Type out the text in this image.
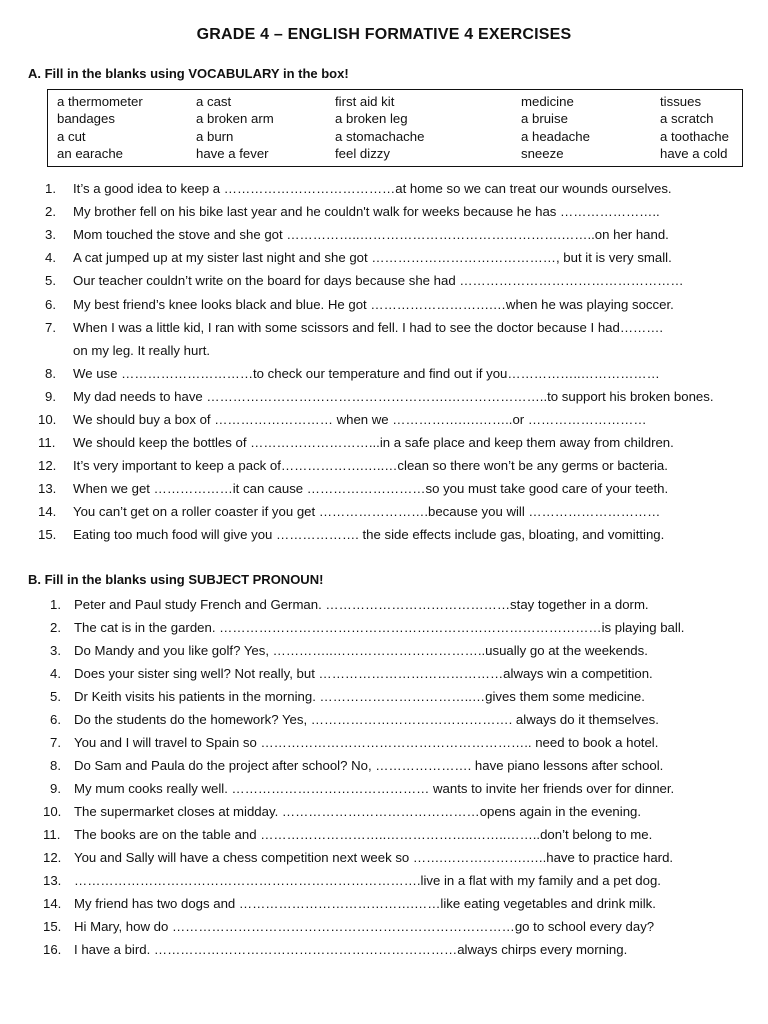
GRADE 4 – ENGLISH FORMATIVE 4 EXERCISES
A. Fill in the blanks using VOCABULARY in the box!
a thermometer	a cast	first aid kit	medicine	tissues
bandages	a broken arm	a broken leg	a bruise	a scratch
a cut	a burn	a stomachache	a headache	a toothache
an earache	have a fever	feel dizzy	sneeze	have a cold
1. It’s a good idea to keep a …………………………………at home so we can treat our wounds ourselves.
2. My brother fell on his bike last year and he couldn't walk for weeks because he has …………………..
3. Mom touched the stove and she got ……………..……………………………………….……..on her hand.
4. A cat jumped up at my sister last night and she got ……………………………………, but it is very small.
5. Our teacher couldn’t write on the board for days because she had ……………………………………………
6. My best friend’s knee looks black and blue. He got ……………………….…when he was playing soccer.
7. When I was a little kid, I ran with some scissors and fell. I had to see the doctor because I had……….
on my leg. It really hurt.
8. We use …………………………to check our temperature and find out if you……………..………………
9. My dad needs to have ……………………………………………….…………………..to support his broken bones.
10. We should buy a box of ……………………… when we …………….….……..or ………………………
11. We should keep the bottles of ………………………...in a safe place and keep them away from children.
12. It’s very important to keep a pack of……………….…..…clean so there won’t be any germs or bacteria.
13. When we get ………………it can cause ………………………so you must take good care of your teeth.
14. You can’t get on a roller coaster if you get …………………….because you will …………………………
15. Eating too much food will give you ………………. the side effects include gas, bloating, and vomitting.
B. Fill in the blanks using SUBJECT PRONOUN!
1. Peter and Paul study French and German. ……………………………………stay together in a dorm.
2. The cat is in the garden. ……………………………………………………………………………is playing ball.
3. Do Mandy and you like golf? Yes, …………..……………………………..usually go at the weekends.
4. Does your sister sing well? Not really, but ……………………………………always win a competition.
5. Dr Keith visits his patients in the morning. ……………………………..…gives them some medicine.
6. Do the students do the homework? Yes, ………………………………………. always do it themselves.
7. You and I will travel to Spain so …………………………………………………….. need to book a hotel.
8. Do Sam and Paula do the project after school? No, …………………. have piano lessons after school.
9. My mum cooks really well. ……………………………………… wants to invite her friends over for dinner.
10. The supermarket closes at midday. ………………………………………opens again in the evening.
11. The books are on the table and ………………………..………………..……..……..don’t belong to me.
12. You and Sally will have a chess competition next week so …….……………….…..have to practice hard.
13. …………………………………………………………………….live in a flat with my family and a pet dog.
14. My friend has two dogs and ………………………………….……like eating vegetables and drink milk.
15. Hi Mary, how do ……………………………………………………………………go to school every day?
16. I have a bird. ……………………………………………………………always chirps every morning.
